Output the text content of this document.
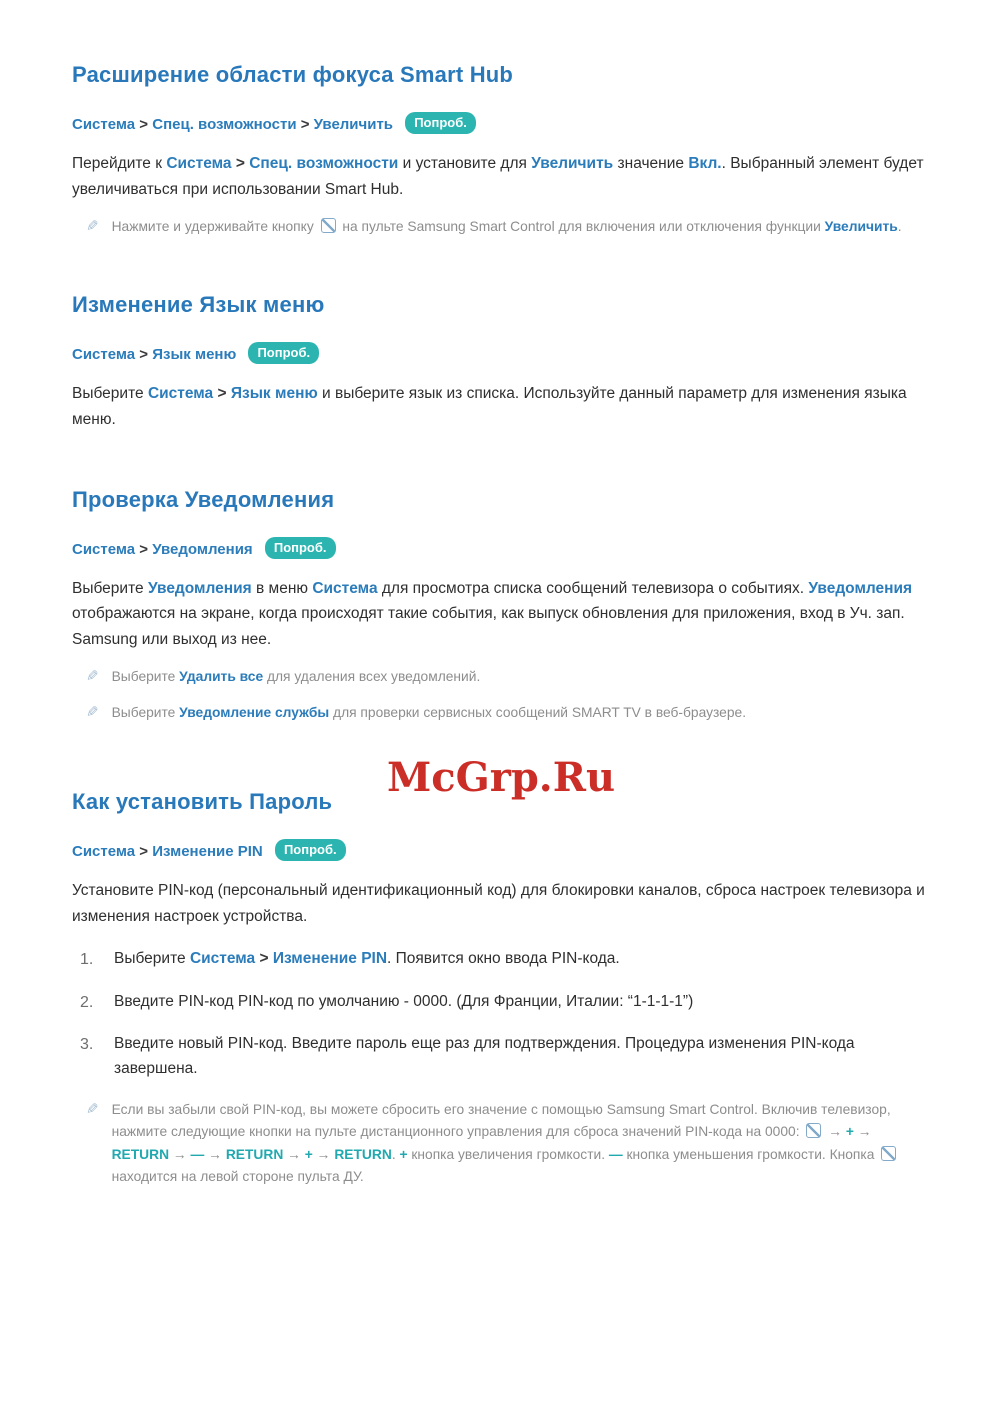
Расширение области фокуса Smart Hub
Система > Спец. возможности > Увеличить Попроб.

Перейдите к Система > Спец. возможности и установите для Увеличить значение Вкл.. Выбранный элемент будет увеличиваться при использовании Smart Hub.

✎ Нажмите и удерживайте кнопку  на пульте Samsung Smart Control для включения или отключения функции Увеличить.
Изменение Язык меню
Система > Язык меню Попроб.

Выберите Система > Язык меню и выберите язык из списка. Используйте данный параметр для изменения языка меню.

Проверка Уведомления
Система > Уведомления Попроб.

Выберите Уведомления в меню Система для просмотра списка сообщений телевизора о событиях. Уведомления отображаются на экране, когда происходят такие события, как выпуск обновления для приложения, вход в Уч. зап. Samsung или выход из нее.

✎ Выберите Удалить все для удаления всех уведомлений.
✎ Выберите Уведомление службы для проверки сервисных сообщений SMART TV в веб-браузере.
McGrp.Ru
Как установить Пароль
Система > Изменение PIN Попроб.

Установите PIN-код (персональный идентификационный код) для блокировки каналов, сброса настроек телевизора и изменения настроек устройства.

1.	Выберите Система > Изменение PIN. Появится окно ввода PIN-кода.
2.	Введите PIN-код PIN-код по умолчанию - 0000. (Для Франции, Италии: “1-1-1-1”)
3.	Введите новый PIN-код. Введите пароль еще раз для подтверждения. Процедура изменения PIN-кода завершена.
✎ Если вы забыли свой PIN-код, вы можете сбросить его значение с помощью Samsung Smart Control. Включив телевизор, нажмите следующие кнопки на пульте дистанционного управления для сброса значений PIN-кода на 0000:  → + → RETURN → — → RETURN → + → RETURN. + кнопка увеличения громкости. — кнопка уменьшения громкости. Кнопка  находится на левой стороне пульта ДУ.
